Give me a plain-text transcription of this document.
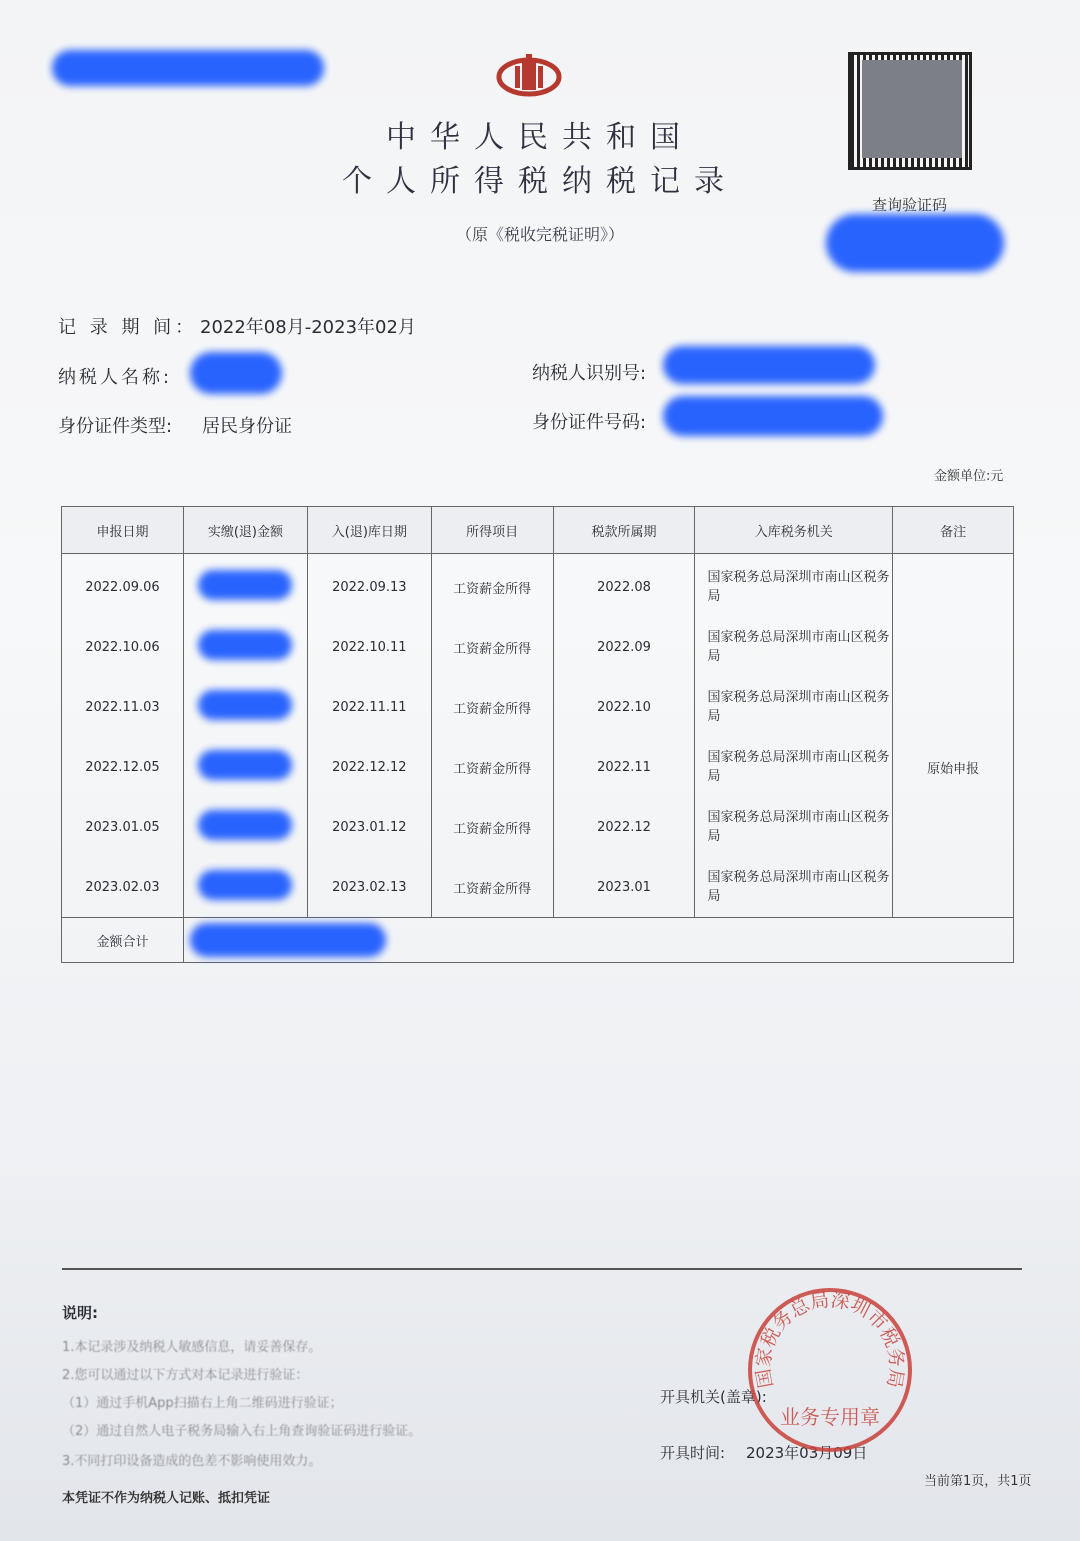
中华人民共和国
个人所得税纳税记录
（原《税收完税证明》）
查询验证码
记 录 期 间： 2022年08月-2023年02月
纳税人名称:	纳税人识别号:
身份证件类型: 居民身份证	身份证件号码:
金额单位:元
申报日期	实缴(退)金额	入(退)库日期	所得项目	税款所属期	入库税务机关	备注
2022.09.06		2022.09.13	工资薪金所得	2022.08	国家税务总局深圳市南山区税务局	
2022.10.06		2022.10.11	工资薪金所得	2022.09	国家税务总局深圳市南山区税务局	
2022.11.03		2022.11.11	工资薪金所得	2022.10	国家税务总局深圳市南山区税务局	
2022.12.05		2022.12.12	工资薪金所得	2022.11	国家税务总局深圳市南山区税务局	原始申报
2023.01.05		2023.01.12	工资薪金所得	2022.12	国家税务总局深圳市南山区税务局	
2023.02.03		2023.02.13	工资薪金所得	2023.01	国家税务总局深圳市南山区税务局	
金额合计						
说明:
1.本记录涉及纳税人敏感信息，请妥善保存。
2.您可以通过以下方式对本记录进行验证：
（1）通过手机App扫描右上角二维码进行验证；
（2）通过自然人电子税务局输入右上角查询验证码进行验证。
3.不同打印设备造成的色差不影响使用效力。
本凭证不作为纳税人记账、抵扣凭证
开具机关(盖章):
开具时间: 2023年03月09日
国家税务总局深圳市税务局
业务专用章
当前第1页，共1页
